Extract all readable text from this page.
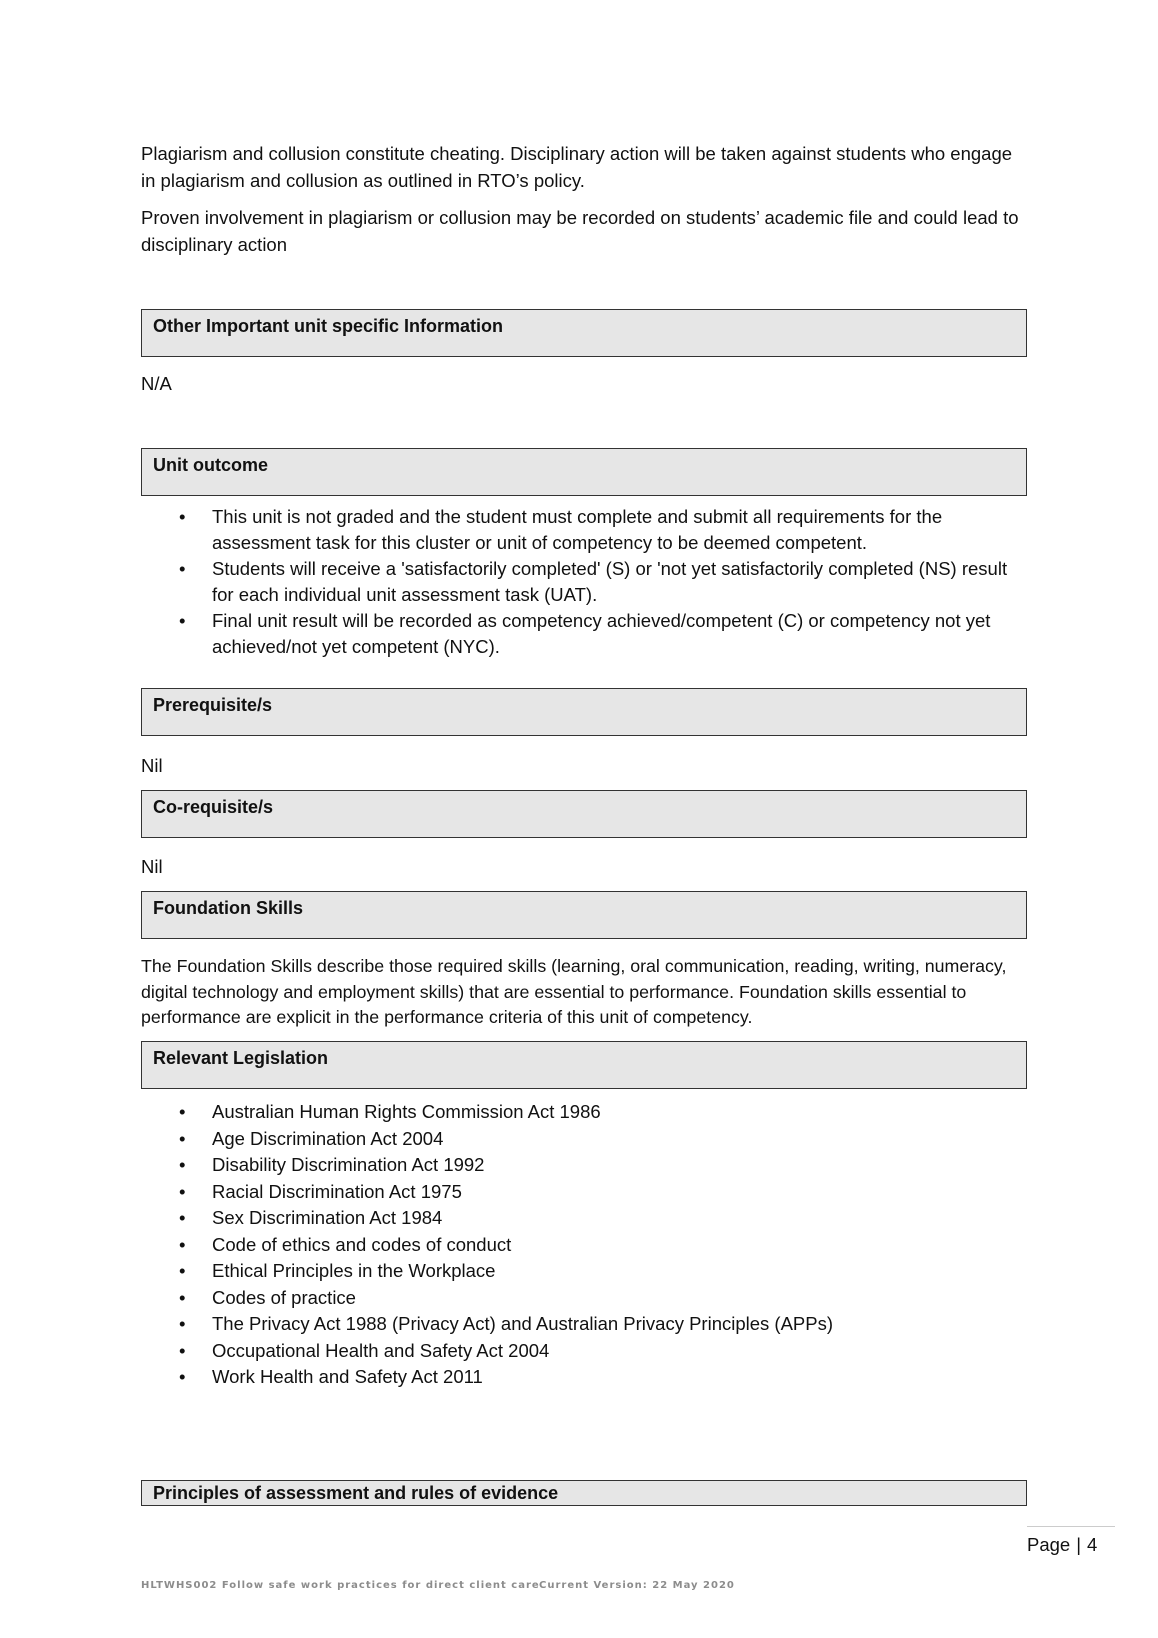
Plagiarism and collusion constitute cheating. Disciplinary action will be taken against students who engage in plagiarism and collusion as outlined in RTO’s policy.

Proven involvement in plagiarism or collusion may be recorded on students’ academic file and could lead to disciplinary action

Other Important unit specific Information

N/A

Unit outcome
• This unit is not graded and the student must complete and submit all requirements for the assessment task for this cluster or unit of competency to be deemed competent.
• Students will receive a 'satisfactorily completed' (S) or 'not yet satisfactorily completed (NS) result for each individual unit assessment task (UAT).
• Final unit result will be recorded as competency achieved/competent (C) or competency not yet achieved/not yet competent (NYC).
Prerequisite/s

Nil

Co-requisite/s

Nil

Foundation Skills

The Foundation Skills describe those required skills (learning, oral communication, reading, writing, numeracy, digital technology and employment skills) that are essential to performance. Foundation skills essential to performance are explicit in the performance criteria of this unit of competency.

Relevant Legislation
• Australian Human Rights Commission Act 1986
• Age Discrimination Act 2004
• Disability Discrimination Act 1992
• Racial Discrimination Act 1975
• Sex Discrimination Act 1984
• Code of ethics and codes of conduct
• Ethical Principles in the Workplace
• Codes of practice
• The Privacy Act 1988 (Privacy Act) and Australian Privacy Principles (APPs)
• Occupational Health and Safety Act 2004
• Work Health and Safety Act 2011
Principles of assessment and rules of evidence
Page | 4
HLTWHS002 Follow safe work practices for direct client care Current Version: 22 May 2020
